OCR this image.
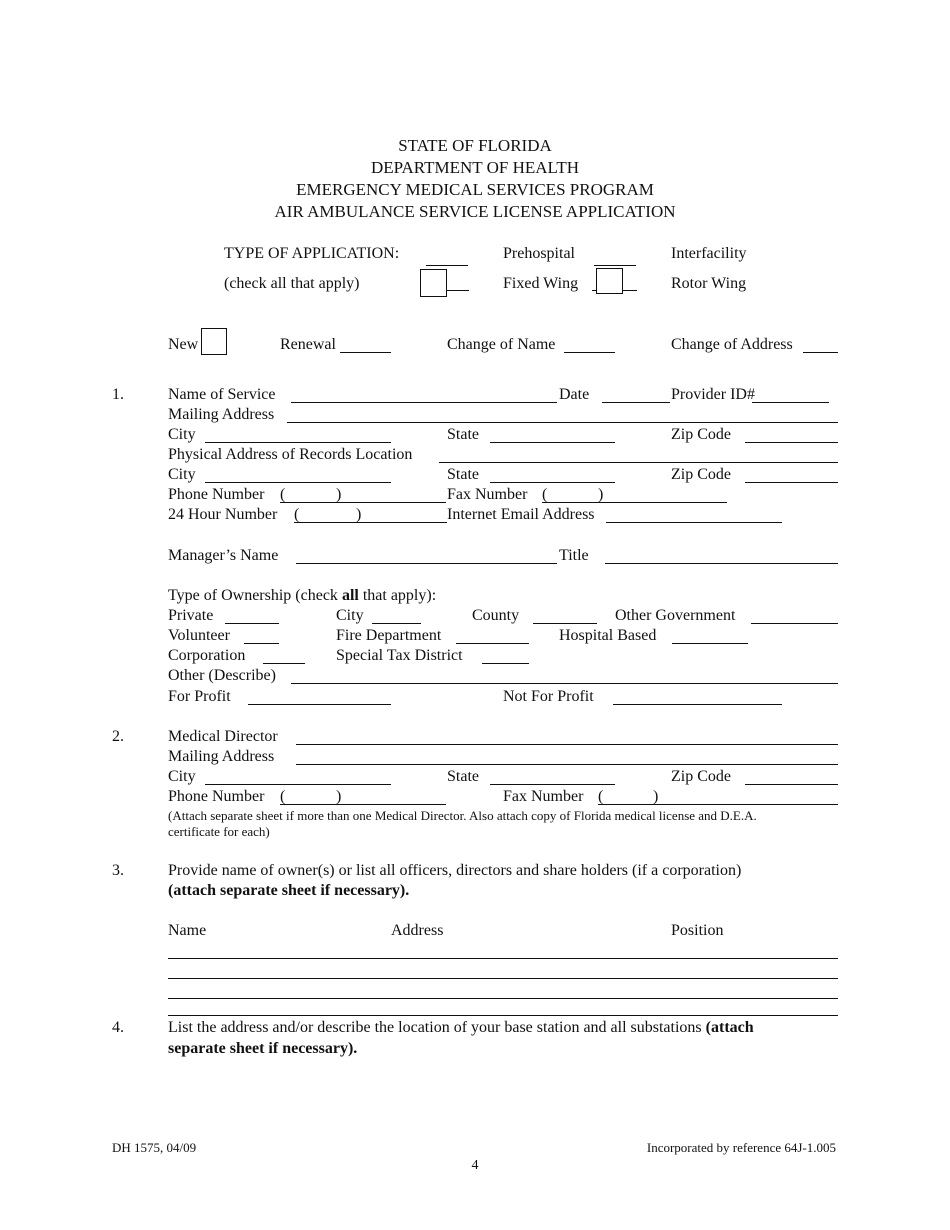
STATE OF FLORIDA
DEPARTMENT OF HEALTH
EMERGENCY MEDICAL SERVICES PROGRAM
AIR AMBULANCE SERVICE LICENSE APPLICATION
TYPE OF APPLICATION:	Prehospital	Interfacility
(check all that apply)	Fixed Wing	Rotor Wing
New	Renewal	Change of Name	Change of Address
1.	Name of Service	Date	Provider ID#
Mailing Address
City	State	Zip Code
Physical Address of Records Location
City	State	Zip Code
Phone Number (	)	Fax Number (	)
24 Hour Number (	)	Internet Email Address
Manager’s Name	Title
Type of Ownership (check all that apply):
Private	City	County	Other Government
Volunteer	Fire Department	Hospital Based
Corporation	Special Tax District
Other (Describe)
For Profit	Not For Profit
2.	Medical Director
Mailing Address
City	State	Zip Code
Phone Number (	)	Fax Number (	)
(Attach separate sheet if more than one Medical Director. Also attach copy of Florida medical license and D.E.A.
certificate for each)
3.	Provide name of owner(s) or list all officers, directors and share holders (if a corporation)
(attach separate sheet if necessary).
Name	Address	Position
4.	List the address and/or describe the location of your base station and all substations (attach
separate sheet if necessary).
DH 1575, 04/09	Incorporated by reference 64J-1.005
4
